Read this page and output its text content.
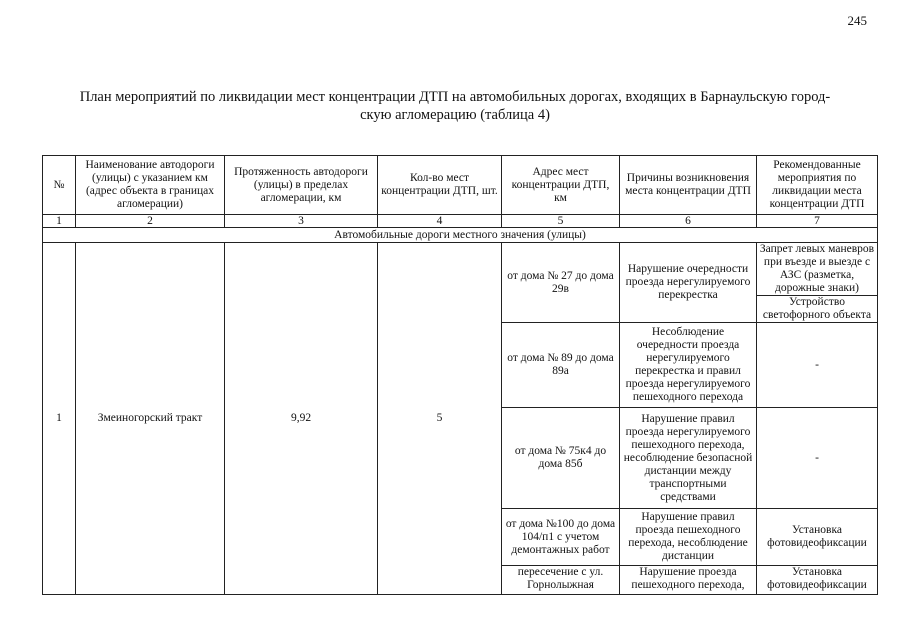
245
План мероприятий по ликвидации мест концентрации ДТП на автомобильных дорогах, входящих в Барнаульскую город-
скую агломерацию (таблица 4)
№	Наименование автодороги (улицы) с указанием км (адрес объекта в границах агломерации)	Протяженность автодороги (улицы) в пределах агломерации, км	Кол-во мест концентрации ДТП, шт.	Адрес мест концентрации ДТП, км	Причины возникновения места концентрации ДТП	Рекомендованные мероприятия по ликвидации места концентрации ДТП
1	2	3	4	5	6	7
Автомобильные дороги местного значения (улицы)						
1	Змеиногорский тракт	9,92	5	от дома № 27 до дома 29в	Нарушение очередности проезда нерегулируемого перекрестка	Запрет левых маневров при въезде и выезде с АЗС (разметка, дорожные знаки)
						Устройство светофорного объекта
				от дома № 89 до дома 89а	Несоблюдение очередности проезда нерегулируемого перекрестка и правил проезда нерегулируемого пешеходного перехода	-
				от дома № 75к4 до дома 85б	Нарушение правил проезда нерегулируемого пешеходного перехода, несоблюдение безопасной дистанции между транспортными средствами	-
				от дома №100 до дома 104/п1 с учетом демонтажных работ	Нарушение правил проезда пешеходного перехода, несоблюдение дистанции	Установка фотовидеофиксации
				пересечение с ул. Горнолыжная	Нарушение проезда пешеходного перехода,	Установка фотовидеофиксации
